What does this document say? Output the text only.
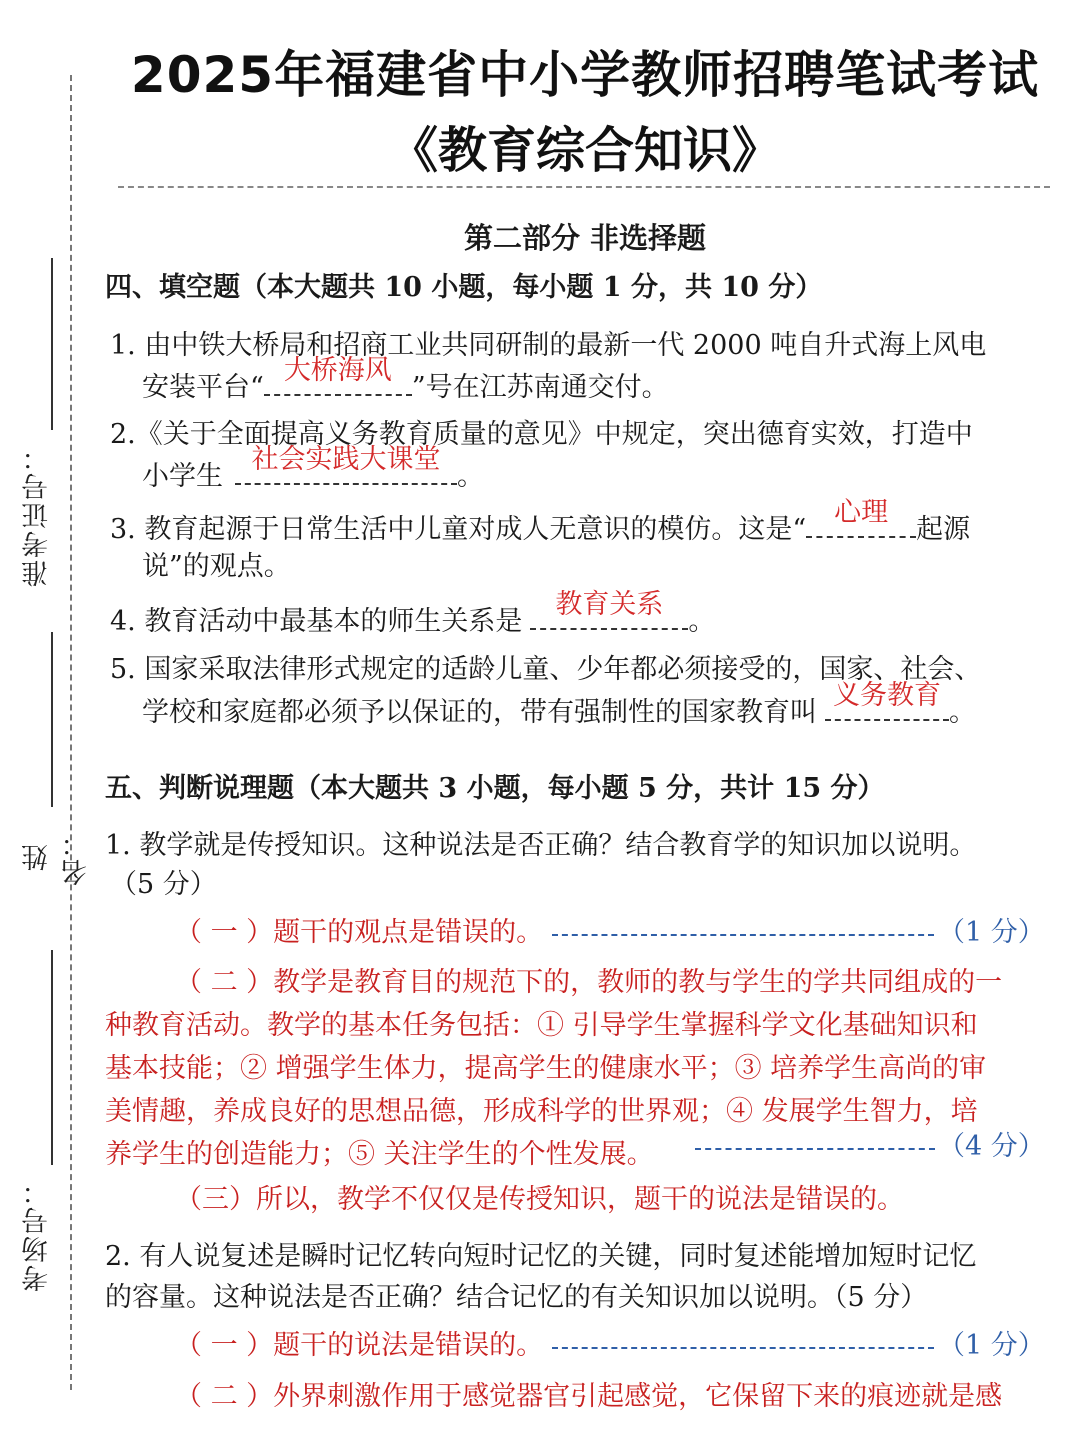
准考证号：
姓名：
考场号：
2025年福建省中小学教师招聘笔试考试
《教育综合知识》
第二部分 非选择题
四、填空题（本大题共 10 小题，每小题 1 分，共 10 分）
1. 由中铁大桥局和招商工业共同研制的最新一代 2000 吨自升式海上风电
安装平台“
大桥海风
”号在江苏南通交付。
2.《关于全面提高义务教育质量的意见》中规定，突出德育实效，打造中
小学生
社会实践大课堂
。
3. 教育起源于日常生活中儿童对成人无意识的模仿。这是“
心理
起源
说”的观点。
4. 教育活动中最基本的师生关系是
教育关系
。
5. 国家采取法律形式规定的适龄儿童、少年都必须接受的，国家、社会、
学校和家庭都必须予以保证的，带有强制性的国家教育叫
义务教育
。
五、判断说理题（本大题共 3 小题，每小题 5 分，共计 15 分）
1. 教学就是传授知识。这种说法是否正确？结合教育学的知识加以说明。
（5 分）
（ 一 ）题干的观点是错误的。	（1 分）
（ 二 ）教学是教育目的规范下的，教师的教与学生的学共同组成的一
种教育活动。教学的基本任务包括：① 引导学生掌握科学文化基础知识和
基本技能；② 增强学生体力，提高学生的健康水平；③ 培养学生高尚的审
美情趣，养成良好的思想品德，形成科学的世界观；④ 发展学生智力，培
养学生的创造能力；⑤ 关注学生的个性发展。	（4 分）
（三）所以，教学不仅仅是传授知识，题干的说法是错误的。
2. 有人说复述是瞬时记忆转向短时记忆的关键，同时复述能增加短时记忆
的容量。这种说法是否正确？结合记忆的有关知识加以说明。（5 分）
（ 一 ）题干的说法是错误的。	（1 分）
（ 二 ）外界刺激作用于感觉器官引起感觉，它保留下来的痕迹就是感
